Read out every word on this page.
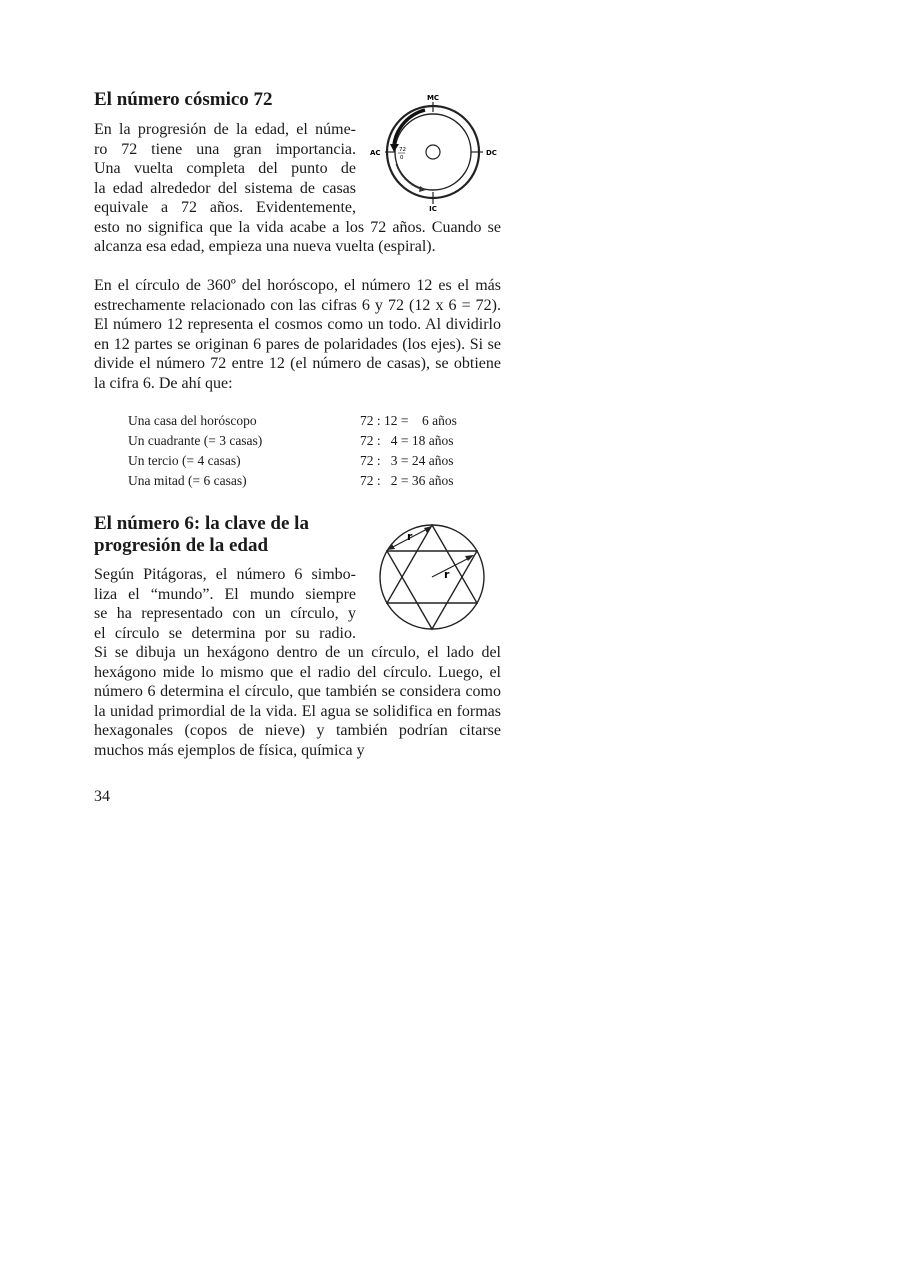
El número cósmico 72
En la progresión de la edad, el núme-
ro 72 tiene una gran importancia.
Una vuelta completa del punto de
la edad alrededor del sistema de casas
equivale a 72 años. Evidentemente,

esto no significa que la vida acabe a los 72 años. Cuando se alcanza esa edad, empieza una nueva vuelta (espiral).

MC
IC
AC	DC
72
0

En el círculo de 360º del horóscopo, el número 12 es el más estrechamente relacionado con las cifras 6 y 72 (12 x 6 = 72). El número 12 representa el cosmos como un todo. Al dividirlo en 12 partes se originan 6 pares de polaridades (los ejes). Si se divide el número 72 entre 12 (el número de casas), se obtiene la cifra 6. De ahí que:

Una casa del horóscopo	72 : 12 =    6 años
Un cuadrante (= 3 casas)	72 :   4 = 18 años
Un tercio (= 4 casas)	72 :   3 = 24 años
Una mitad (= 6 casas)	72 :   2 = 36 años
El número 6: la clave de la
progresión de la edad
Según Pitágoras, el número 6 simbo-
liza el “mundo”. El mundo siempre
se ha representado con un círculo, y
el círculo se determina por su radio.

Si se dibuja un hexágono dentro de un círculo, el lado del hexágono mide lo mismo que el radio del círculo. Luego, el número 6 determina el círculo, que también se considera como la unidad primordial de la vida. El agua se solidifica en formas hexagonales (copos de nieve) y también podrían citarse muchos más ejemplos de física, química y

r
r
34
